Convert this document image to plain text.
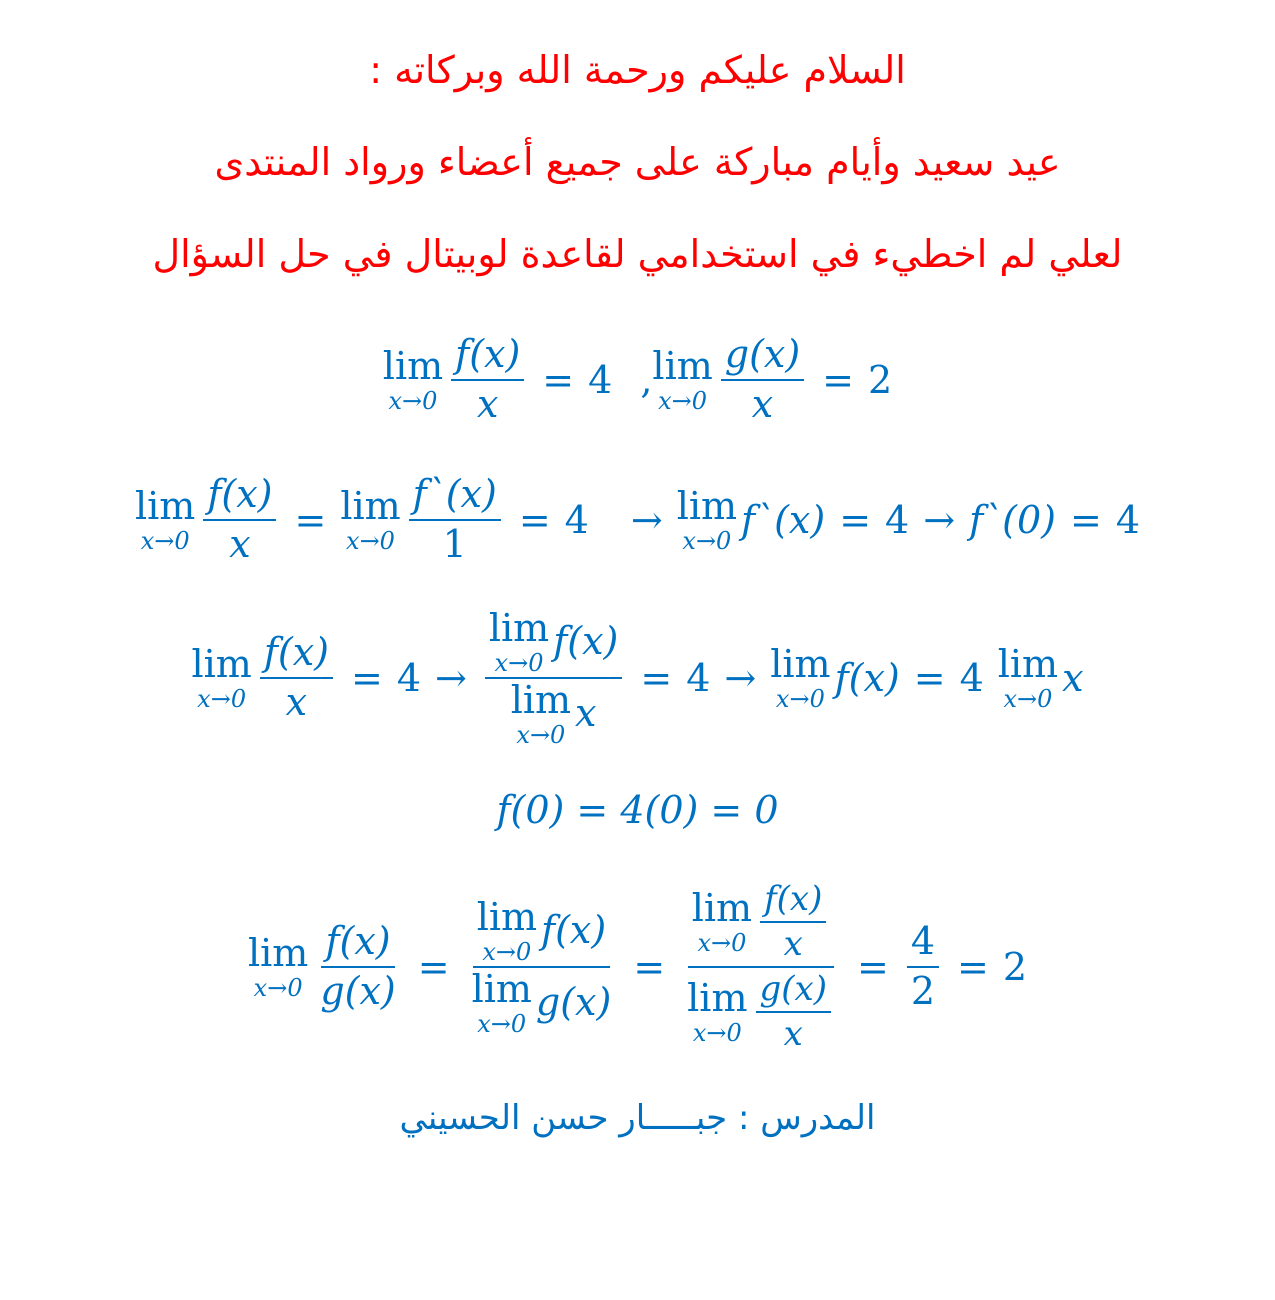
السلام عليكم ورحمة الله وبركاته :
عيد سعيد وأيام مباركة على جميع أعضاء ورواد المنتدى
لعلي لم اخطيء في استخدامي لقاعدة لوبيتال في حل السؤال
lim
$x\to 0 \frac{f(x)}{x} = 4$ , lim
$x\to 0 \frac{g(x)}{x} = 2$
lim
$x\to 0 \frac{f(x)}{x} = \lim$
$x\to 0 \frac{f`(x)}{1} = 4 \to \lim$
x→0 f`(x) = 4 → f`(0) = 4
lim
$x\to 0 \frac{f(x)}{x} = 4 \to \lim$
x→0 f(x)
lim
x→0 x = 4 → lim
x→0 f(x) = 4 lim
x→0 x
f(0) = 4(0) = 0
lim
$x\to 0 \frac{f(x)}{g(x)} = \lim$
x→0 f(x)
lim
x→0 g(x) = lim
$x\to 0 \frac{f(x)}{x}$
lim
$x\to 0 \frac{g(x)}{x} = \frac{4}{2} = 2$
المدرس : جبـــــار حسن الحسيني
